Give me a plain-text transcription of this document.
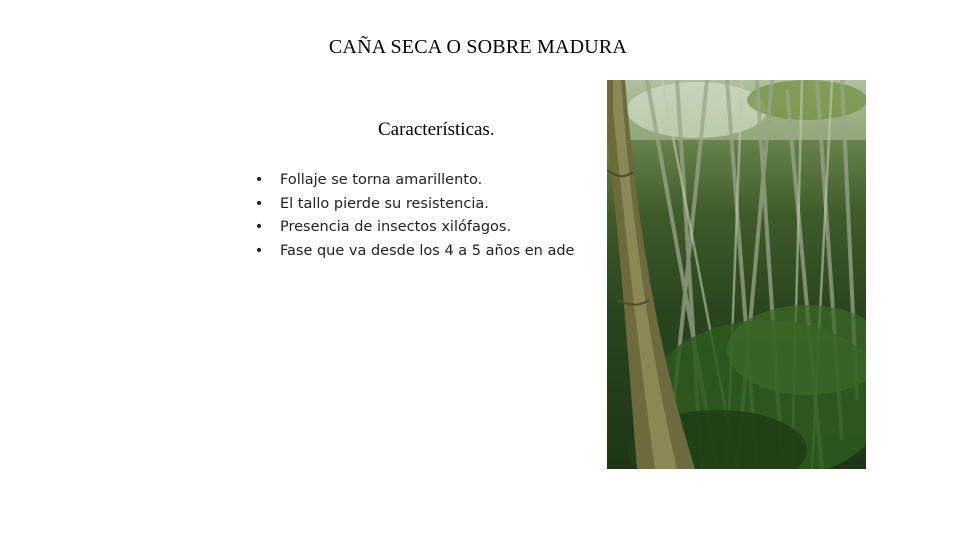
CAÑA SECA O SOBRE MADURA
Características.
• Follaje se torna amarillento.
• El tallo pierde su resistencia.
• Presencia de insectos xilófagos.
• Fase que va desde los 4 a 5 años en ade
